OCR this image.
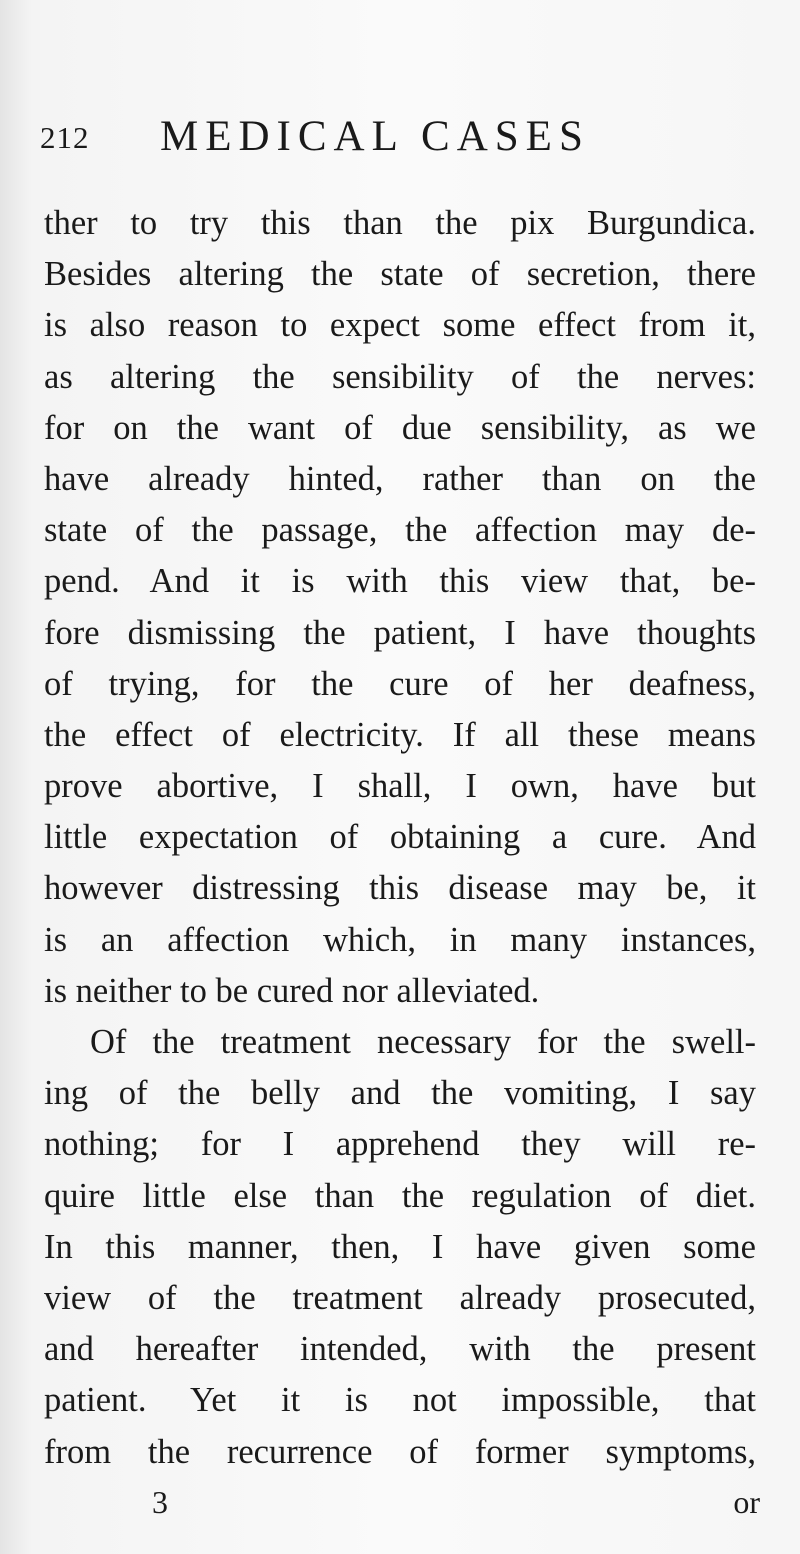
212 MEDICAL CASES
ther to try this than the pix Burgundica.
Besides altering the state of secretion, there
is also reason to expect some effect from it,
as altering the sensibility of the nerves:
for on the want of due sensibility, as we
have already hinted, rather than on the
state of the passage, the affection may de-
pend. And it is with this view that, be-
fore dismissing the patient, I have thoughts
of trying, for the cure of her deafness,
the effect of electricity. If all these means
prove abortive, I shall, I own, have but
little expectation of obtaining a cure. And
however distressing this disease may be, it
is an affection which, in many instances,
is neither to be cured nor alleviated.
Of the treatment necessary for the swell-
ing of the belly and the vomiting, I say
nothing; for I apprehend they will re-
quire little else than the regulation of diet.
In this manner, then, I have given some
view of the treatment already prosecuted,
and hereafter intended, with the present
patient. Yet it is not impossible, that
from the recurrence of former symptoms,
3	or
